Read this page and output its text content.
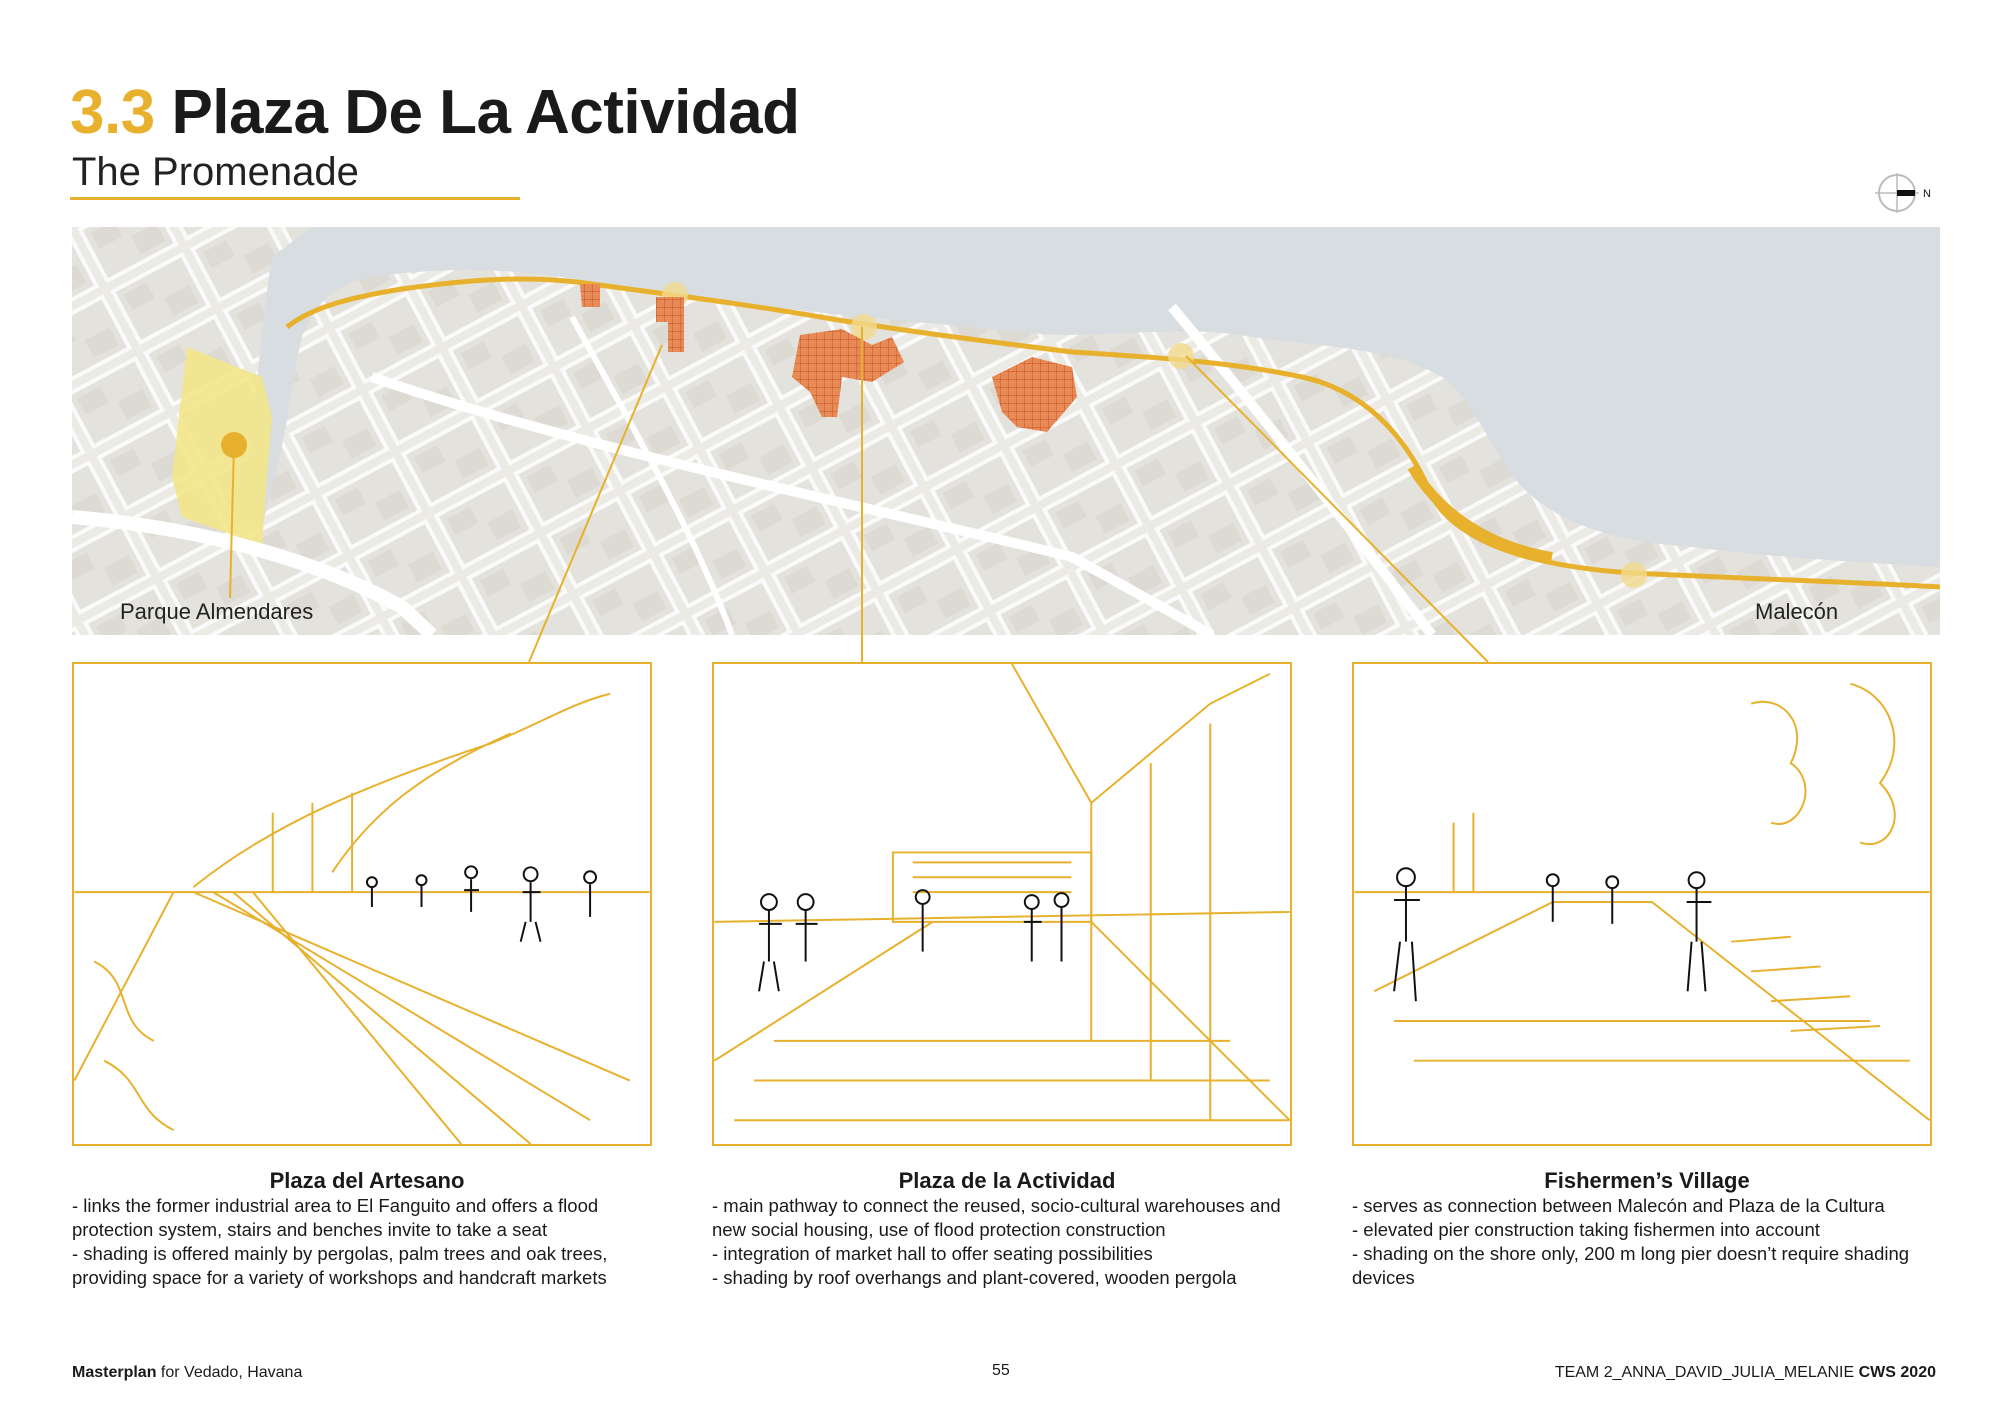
3.3 Plaza De La Actividad
The Promenade	N
Parque Almendares	Malecón
Plaza del Artesano

- links the former industrial area to El Fanguito and offers a flood protection system, stairs and benches invite to take a seat

- shading is offered mainly by pergolas, palm trees and oak trees, providing space for a variety of workshops and handcraft markets

Plaza de la Actividad

- main pathway to connect the reused, socio-cultural warehouses and new social housing, use of flood protection construction

- integration of market hall to offer seating possibilities

- shading by roof overhangs and plant-covered, wooden pergola

Fishermen’s Village

- serves as connection between Malecón and Plaza de la Cultura

- elevated pier construction taking fishermen into account

- shading on the shore only, 200 m long pier doesn’t require shading devices

Masterplan for Vedado, Havana	55	TEAM 2_ANNA_DAVID_JULIA_MELANIE CWS 2020
